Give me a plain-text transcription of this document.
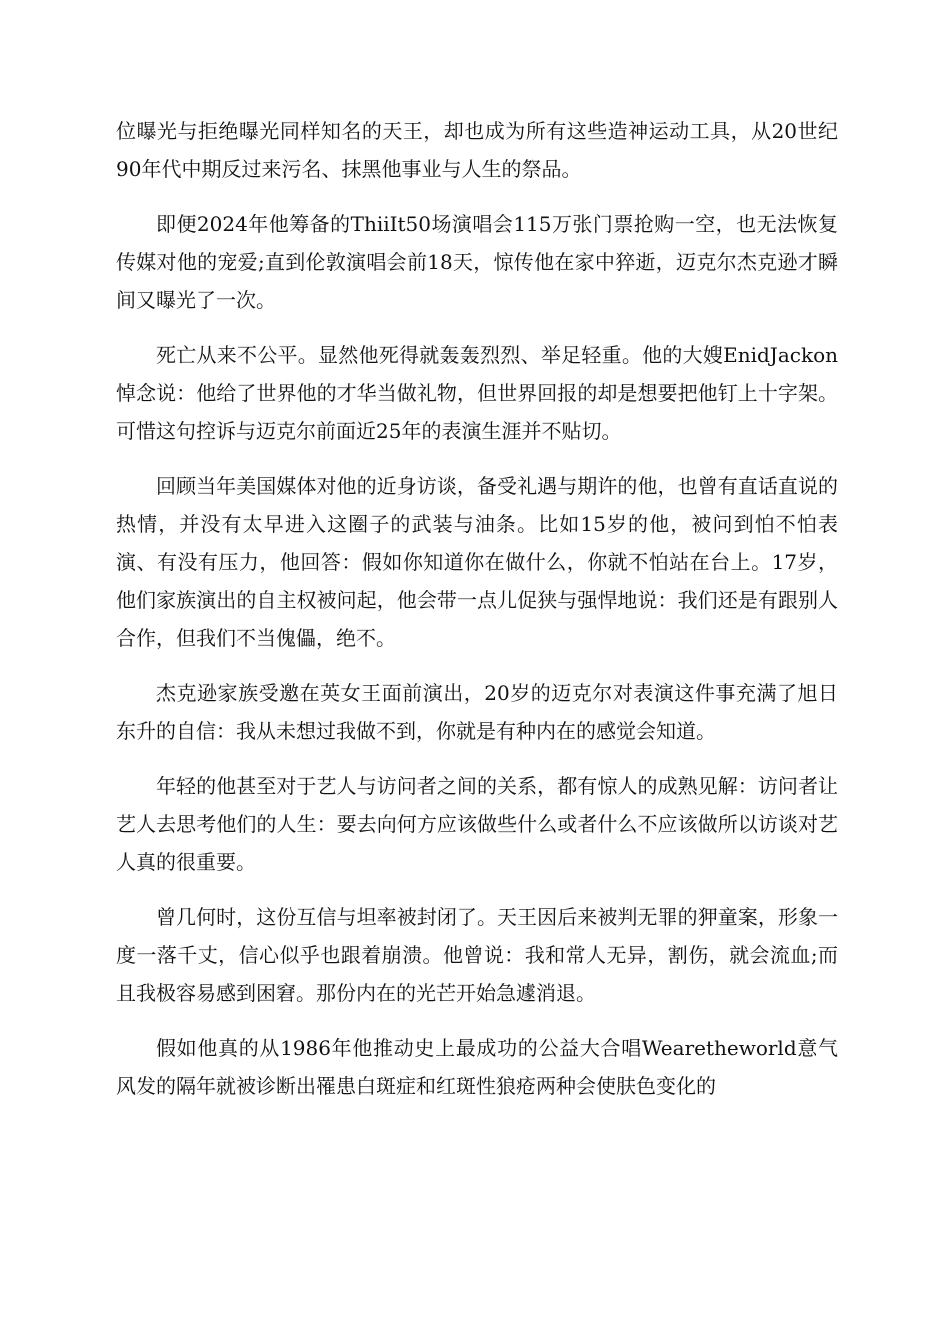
位曝光与拒绝曝光同样知名的天王，却也成为所有这些造神运动工具，从20世纪90年代中期反过来污名、抹黑他事业与人生的祭品。

即便2024年他筹备的ThiiIt50场演唱会115万张门票抢购一空，也无法恢复传媒对他的宠爱;直到伦敦演唱会前18天，惊传他在家中猝逝，迈克尔杰克逊才瞬间又曝光了一次。

死亡从来不公平。显然他死得就轰轰烈烈、举足轻重。他的大嫂EnidJackon悼念说：他给了世界他的才华当做礼物，但世界回报的却是想要把他钉上十字架。可惜这句控诉与迈克尔前面近25年的表演生涯并不贴切。

回顾当年美国媒体对他的近身访谈，备受礼遇与期许的他，也曾有直话直说的热情，并没有太早进入这圈子的武装与油条。比如15岁的他，被问到怕不怕表演、有没有压力，他回答：假如你知道你在做什么，你就不怕站在台上。17岁，他们家族演出的自主权被问起，他会带一点儿促狭与强悍地说：我们还是有跟别人合作，但我们不当傀儡，绝不。

杰克逊家族受邀在英女王面前演出，20岁的迈克尔对表演这件事充满了旭日东升的自信：我从未想过我做不到，你就是有种内在的感觉会知道。

年轻的他甚至对于艺人与访问者之间的关系，都有惊人的成熟见解：访问者让艺人去思考他们的人生：要去向何方应该做些什么或者什么不应该做所以访谈对艺人真的很重要。

曾几何时，这份互信与坦率被封闭了。天王因后来被判无罪的狎童案，形象一度一落千丈，信心似乎也跟着崩溃。他曾说：我和常人无异，割伤，就会流血;而且我极容易感到困窘。那份内在的光芒开始急遽消退。

假如他真的从1986年他推动史上最成功的公益大合唱Wearetheworld意气风发的隔年就被诊断出罹患白斑症和红斑性狼疮两种会使肤色变化的
